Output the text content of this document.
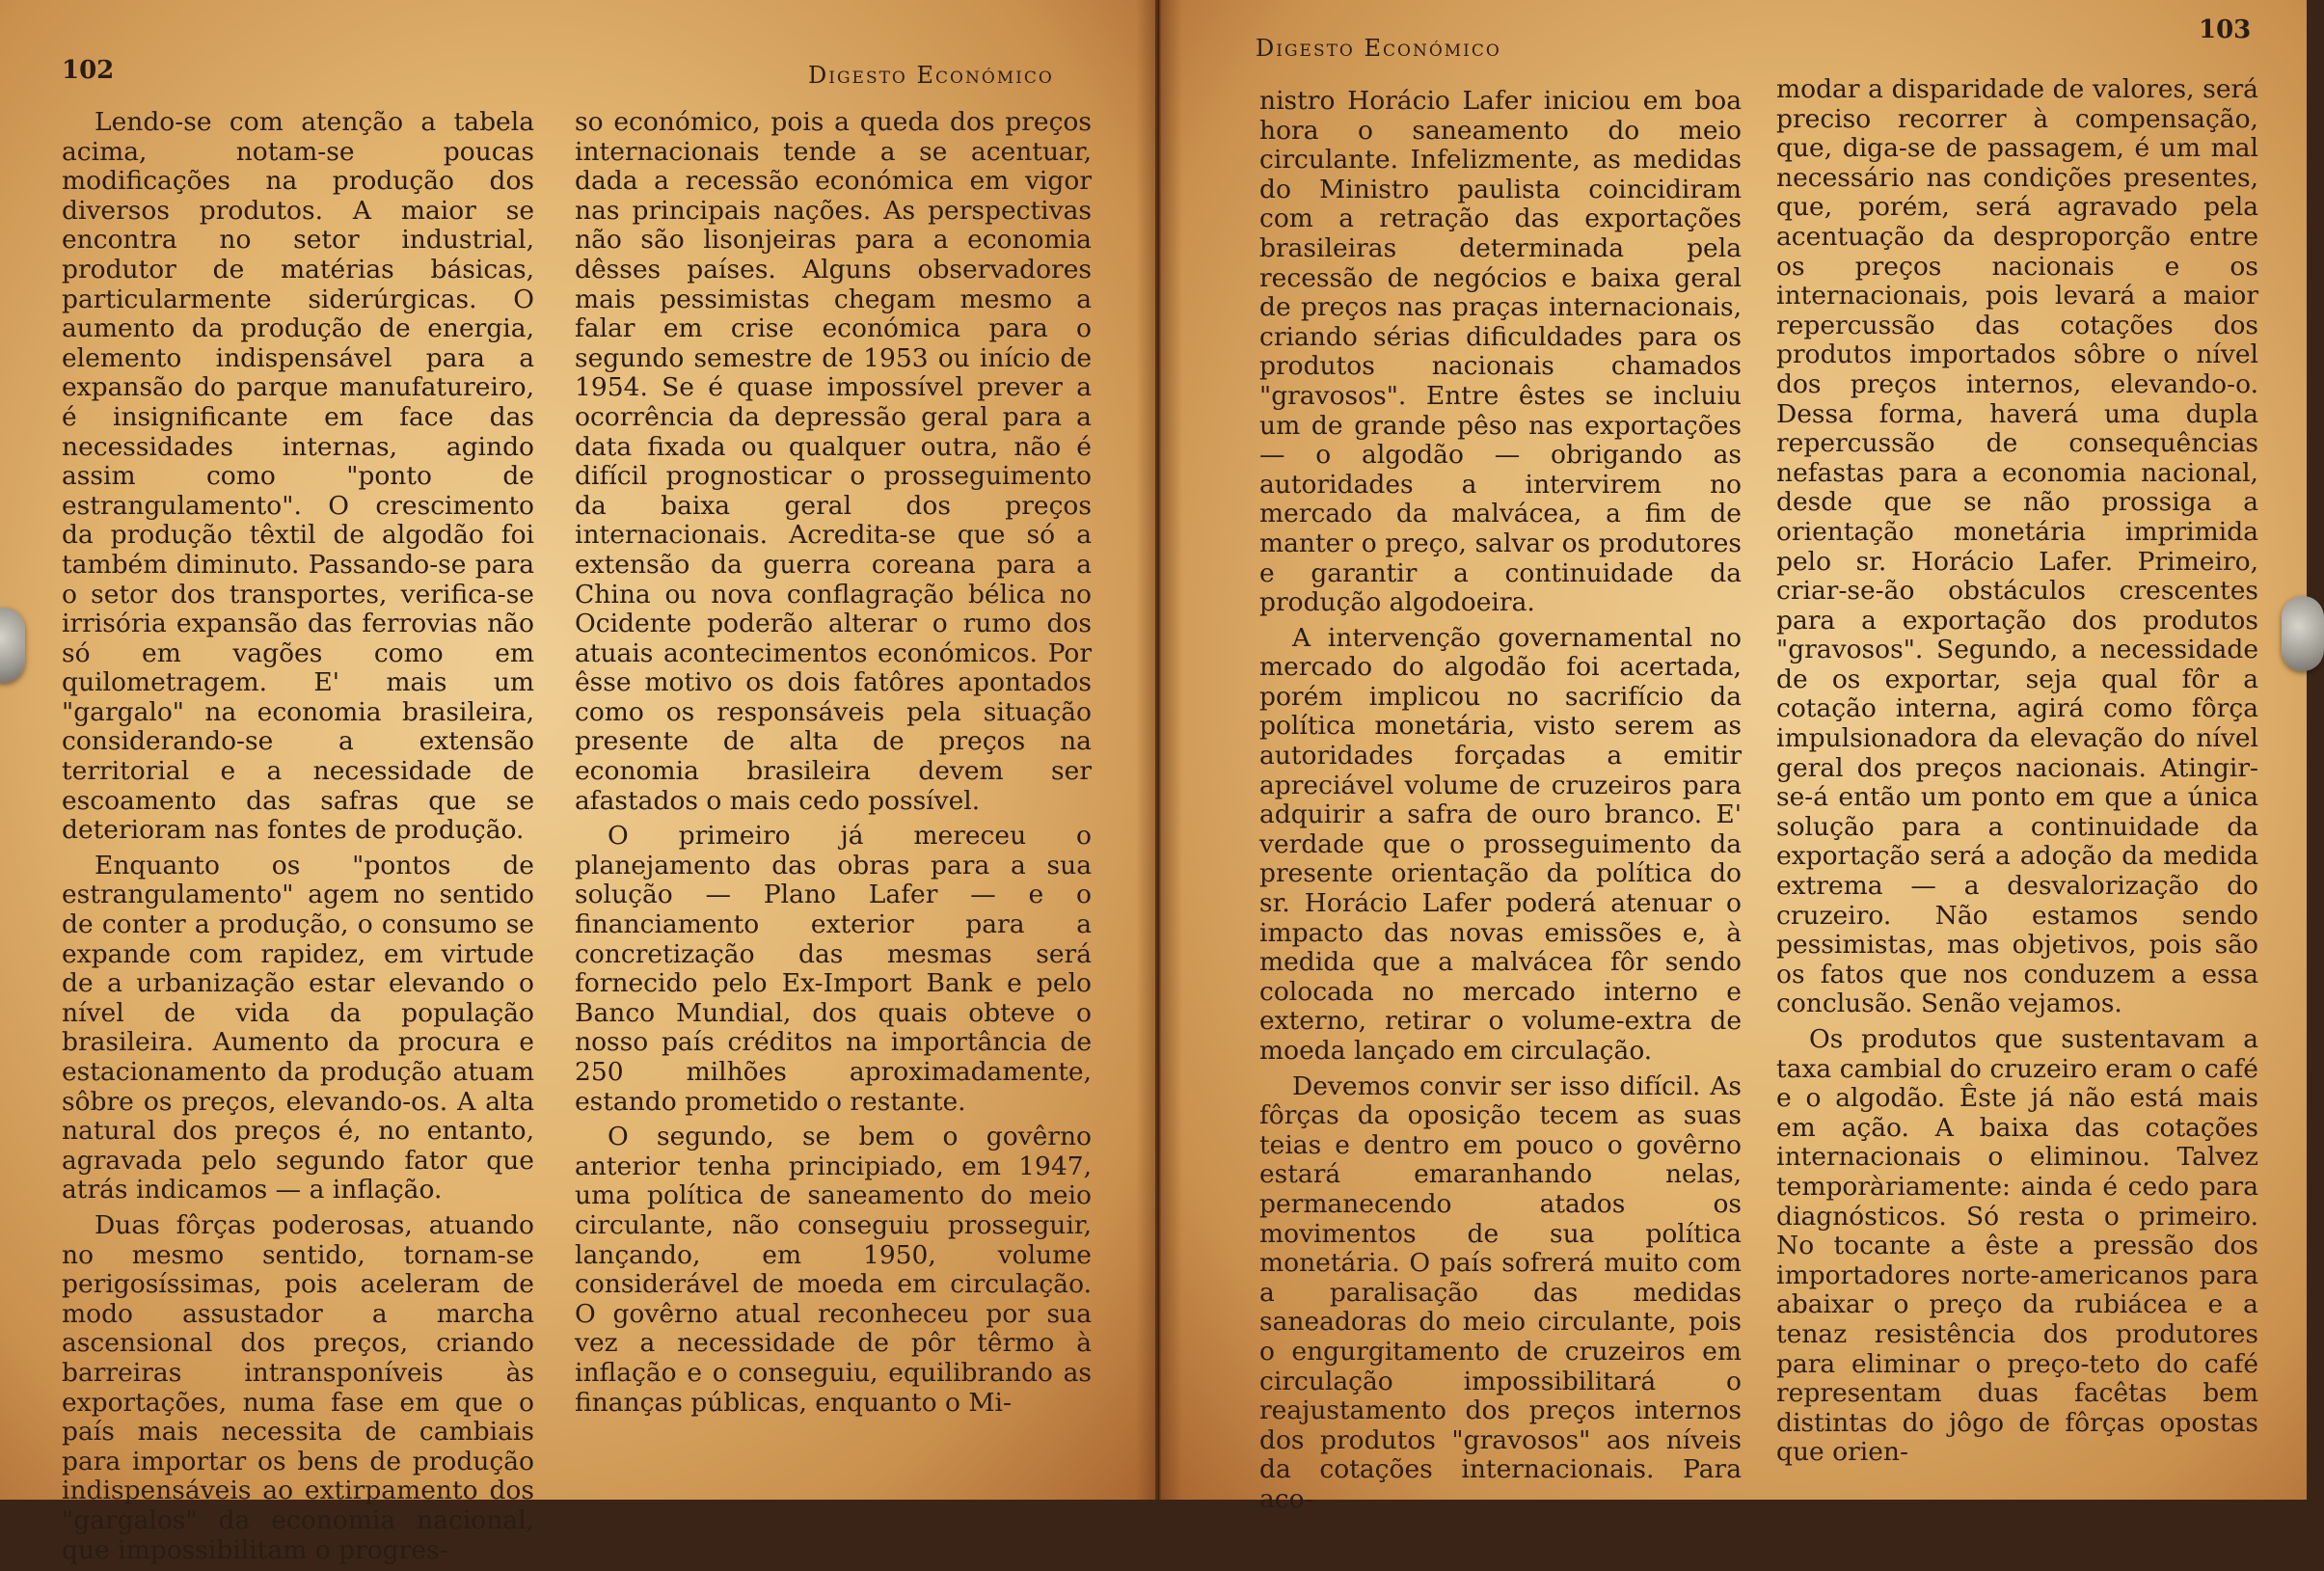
102	Digesto Económico

Lendo-se com atenção a tabela acima, notam-se poucas modificações na produção dos diversos produtos. A maior se encontra no setor industrial, produtor de matérias básicas, particularmente siderúrgicas. O aumento da produção de energia, elemento indispensável para a expansão do parque manufatureiro, é insignificante em face das necessidades internas, agindo assim como "ponto de estrangulamento". O crescimento da produção têxtil de algodão foi também diminuto. Passando-se para o setor dos transportes, verifica-se irrisória expansão das ferrovias não só em vagões como em quilometragem. E' mais um "gargalo" na economia brasileira, considerando-se a extensão territorial e a necessidade de escoamento das safras que se deterioram nas fontes de produção.

Enquanto os "pontos de estrangulamento" agem no sentido de conter a produção, o consumo se expande com rapidez, em virtude de a urbanização estar elevando o nível de vida da população brasileira. Aumento da procura e estacionamento da produção atuam sôbre os preços, elevando-os. A alta natural dos preços é, no entanto, agravada pelo segundo fator que atrás indicamos — a inflação.

Duas fôrças poderosas, atuando no mesmo sentido, tornam-se perigosíssimas, pois aceleram de modo assustador a marcha ascensional dos preços, criando barreiras intransponíveis às exportações, numa fase em que o país mais necessita de cambiais para importar os bens de produção indispensáveis ao extirpamento dos "gargalos" da economia nacional, que impossibilitam o progres-

so económico, pois a queda dos preços internacionais tende a se acentuar, dada a recessão económica em vigor nas principais nações. As perspectivas não são lisonjeiras para a economia dêsses países. Alguns observadores mais pessimistas chegam mesmo a falar em crise económica para o segundo semestre de 1953 ou início de 1954. Se é quase impossível prever a ocorrência da depressão geral para a data fixada ou qualquer outra, não é difícil prognosticar o prosseguimento da baixa geral dos preços internacionais. Acredita-se que só a extensão da guerra coreana para a China ou nova conflagração bélica no Ocidente poderão alterar o rumo dos atuais acontecimentos económicos. Por êsse motivo os dois fatôres apontados como os responsáveis pela situação presente de alta de preços na economia brasileira devem ser afastados o mais cedo possível.

O primeiro já mereceu o planejamento das obras para a sua solução — Plano Lafer — e o financiamento exterior para a concretização das mesmas será fornecido pelo Ex-Import Bank e pelo Banco Mundial, dos quais obteve o nosso país créditos na importância de 250 milhões aproximadamente, estando prometido o restante.

O segundo, se bem o govêrno anterior tenha principiado, em 1947, uma política de saneamento do meio circulante, não conseguiu prosseguir, lançando, em 1950, volume considerável de moeda em circulação. O govêrno atual reconheceu por sua vez a necessidade de pôr têrmo à inflação e o conseguiu, equilibrando as finanças públicas, enquanto o Mi-

Digesto Económico
103

nistro Horácio Lafer iniciou em boa hora o saneamento do meio circulante. Infelizmente, as medidas do Ministro paulista coincidiram com a retração das exportações brasileiras determinada pela recessão de negócios e baixa geral de preços nas praças internacionais, criando sérias dificuldades para os produtos nacionais chamados "gravosos". Entre êstes se incluiu um de grande pêso nas exportações — o algodão — obrigando as autoridades a intervirem no mercado da malvácea, a fim de manter o preço, salvar os produtores e garantir a continuidade da produção algodoeira.

A intervenção governamental no mercado do algodão foi acertada, porém implicou no sacrifício da política monetária, visto serem as autoridades forçadas a emitir apreciável volume de cruzeiros para adquirir a safra de ouro branco. E' verdade que o prosseguimento da presente orientação da política do sr. Horácio Lafer poderá atenuar o impacto das novas emissões e, à medida que a malvácea fôr sendo colocada no mercado interno e externo, retirar o volume-extra de moeda lançado em circulação.

Devemos convir ser isso difícil. As fôrças da oposição tecem as suas teias e dentro em pouco o govêrno estará emaranhando nelas, permanecendo atados os movimentos de sua política monetária. O país sofrerá muito com a paralisação das medidas saneadoras do meio circulante, pois o engurgitamento de cruzeiros em circulação impossibilitará o reajustamento dos preços internos dos produtos "gravosos" aos níveis da cotações internacionais. Para aco-

modar a disparidade de valores, será preciso recorrer à compensação, que, diga-se de passagem, é um mal necessário nas condições presentes, que, porém, será agravado pela acentuação da desproporção entre os preços nacionais e os internacionais, pois levará a maior repercussão das cotações dos produtos importados sôbre o nível dos preços internos, elevando-o. Dessa forma, haverá uma dupla repercussão de consequências nefastas para a economia nacional, desde que se não prossiga a orientação monetária imprimida pelo sr. Horácio Lafer. Primeiro, criar-se-ão obstáculos crescentes para a exportação dos produtos "gravosos". Segundo, a necessidade de os exportar, seja qual fôr a cotação interna, agirá como fôrça impulsionadora da elevação do nível geral dos preços nacionais. Atingir-se-á então um ponto em que a única solução para a continuidade da exportação será a adoção da medida extrema — a desvalorização do cruzeiro. Não estamos sendo pessimistas, mas objetivos, pois são os fatos que nos conduzem a essa conclusão. Senão vejamos.

Os produtos que sustentavam a taxa cambial do cruzeiro eram o café e o algodão. Êste já não está mais em ação. A baixa das cotações internacionais o eliminou. Talvez temporàriamente: ainda é cedo para diagnósticos. Só resta o primeiro. No tocante a êste a pressão dos importadores norte-americanos para abaixar o preço da rubiácea e a tenaz resistência dos produtores para eliminar o preço-teto do café representam duas facêtas bem distintas do jôgo de fôrças opostas que orien-
